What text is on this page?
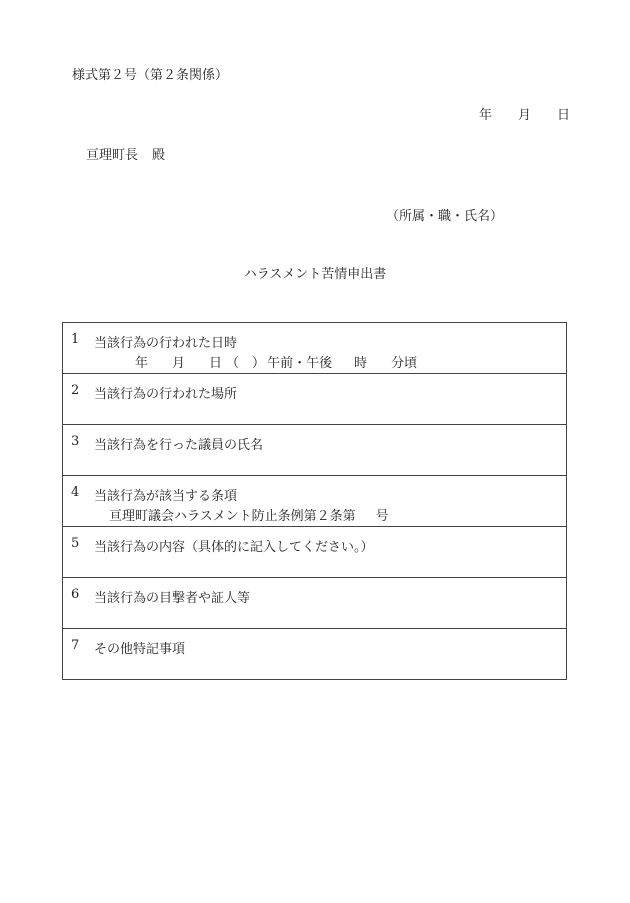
様式第２号（第２条関係）
年 月 日
亘理町長 殿
（所属・職・氏名）
ハラスメント苦情申出書
1 当該行為の行われた日時
年 月 日 （　） 午前・午後 時 分頃
2 当該行為の行われた場所
3 当該行為を行った議員の氏名
4 当該行為が該当する条項
亘理町議会ハラスメント防止条例第２条第 号
5 当該行為の内容（具体的に記入してください。）
6 当該行為の目撃者や証人等
7 その他特記事項
